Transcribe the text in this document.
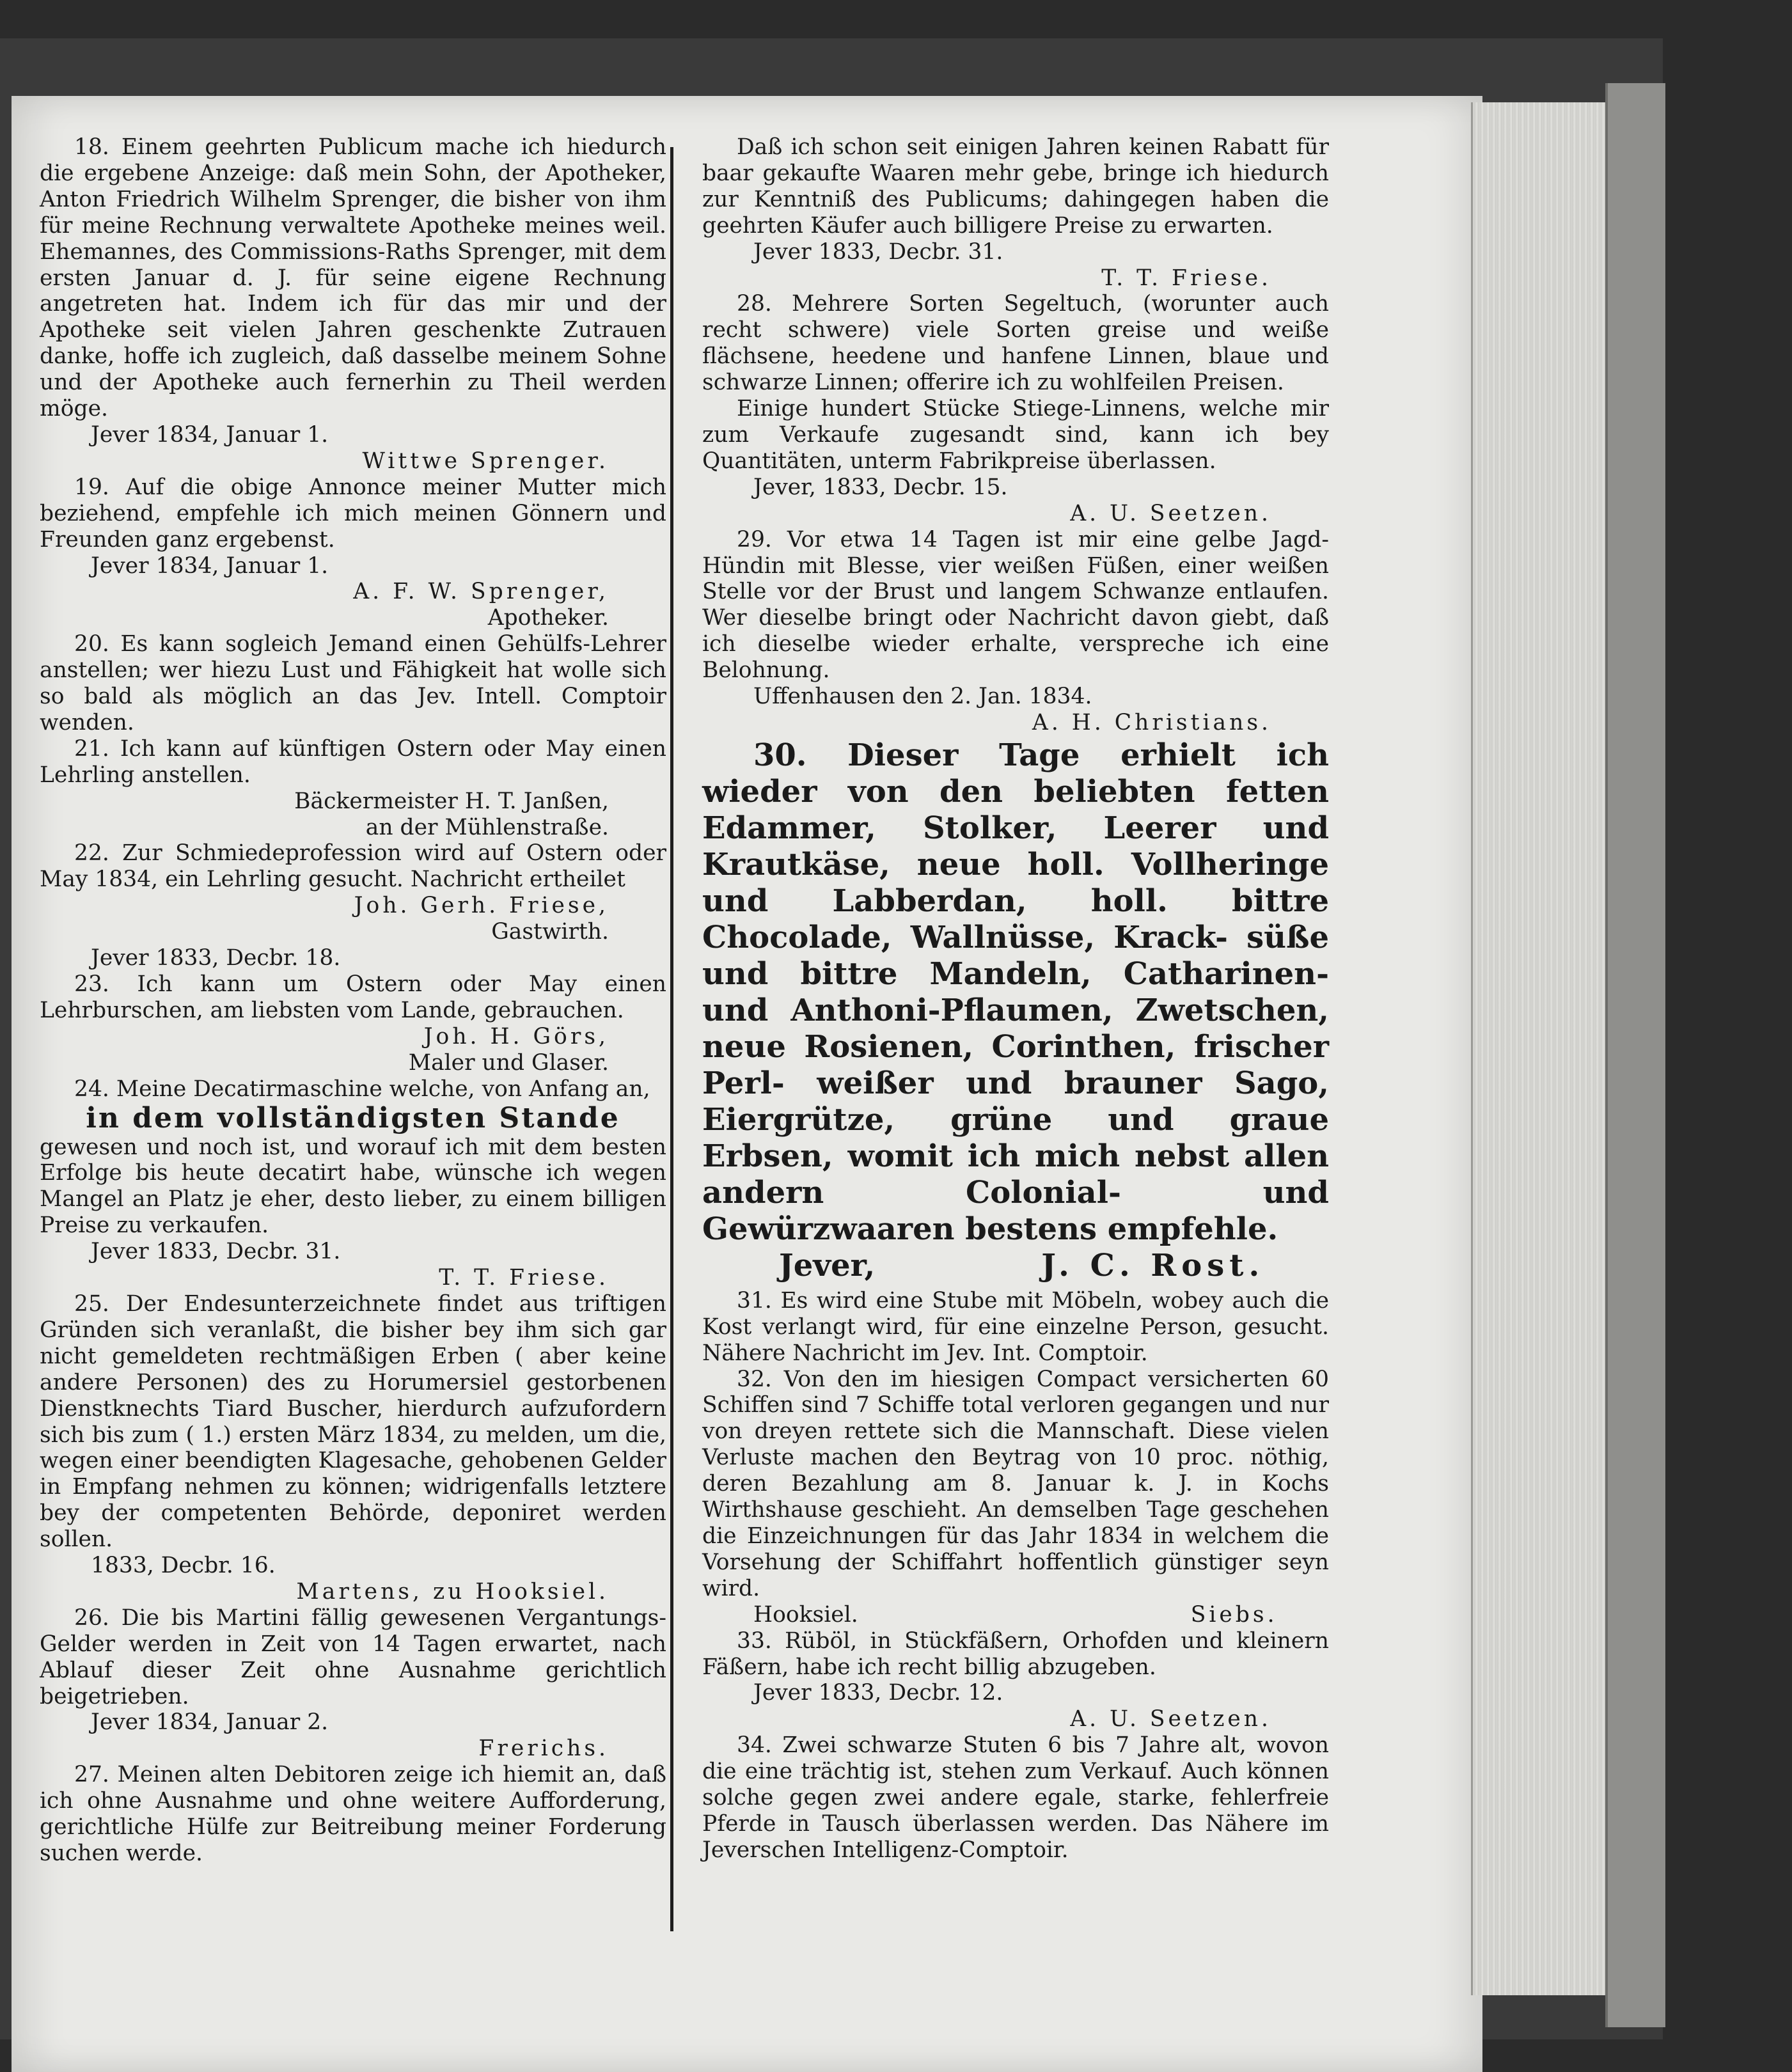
18. Einem geehrten Publicum mache ich hiedurch die ergebene Anzeige: daß mein Sohn, der Apotheker, Anton Friedrich Wilhelm Sprenger, die bisher von ihm für meine Rechnung verwaltete Apotheke meines weil. Ehemannes, des Commissions-Raths Sprenger, mit dem ersten Januar d. J. für seine eigene Rechnung angetreten hat. Indem ich für das mir und der Apotheke seit vielen Jahren geschenkte Zutrauen danke, hoffe ich zugleich, daß dasselbe meinem Sohne und der Apotheke auch fernerhin zu Theil werden möge.

Jever 1834, Januar 1.

Wittwe Sprenger.

19. Auf die obige Annonce meiner Mutter mich beziehend, empfehle ich mich meinen Gönnern und Freunden ganz ergebenst.

Jever 1834, Januar 1.

A. F. W. Sprenger,

Apotheker.

20. Es kann sogleich Jemand einen Gehülfs-Lehrer anstellen; wer hiezu Lust und Fähigkeit hat wolle sich so bald als möglich an das Jev. Intell. Comptoir wenden.

21. Ich kann auf künftigen Ostern oder May einen Lehrling anstellen.

Bäckermeister H. T. Janßen,

an der Mühlenstraße.

22. Zur Schmiedeprofession wird auf Ostern oder May 1834, ein Lehrling gesucht. Nachricht ertheilet

Joh. Gerh. Friese,

Gastwirth.

Jever 1833, Decbr. 18.

23. Ich kann um Ostern oder May einen Lehrburschen, am liebsten vom Lande, gebrauchen.

Joh. H. Görs,

Maler und Glaser.

24. Meine Decatirmaschine welche, von Anfang an,

in dem vollständigsten Stande

gewesen und noch ist, und worauf ich mit dem besten Erfolge bis heute decatirt habe, wünsche ich wegen Mangel an Platz je eher, desto lieber, zu einem billigen Preise zu verkaufen.

Jever 1833, Decbr. 31.

T. T. Friese.

25. Der Endesunterzeichnete findet aus triftigen Gründen sich veranlaßt, die bisher bey ihm sich gar nicht gemeldeten rechtmäßigen Erben ( aber keine andere Personen) des zu Horumersiel gestorbenen Dienstknechts Tiard Buscher, hierdurch aufzufordern sich bis zum ( 1.) ersten März 1834, zu melden, um die, wegen einer beendigten Klagesache, gehobenen Gelder in Empfang nehmen zu können; widrigenfalls letztere bey der competenten Behörde, deponiret werden sollen.

1833, Decbr. 16.

Martens, zu Hooksiel.

26. Die bis Martini fällig gewesenen Vergantungs-Gelder werden in Zeit von 14 Tagen erwartet, nach Ablauf dieser Zeit ohne Ausnahme gerichtlich beigetrieben.

Jever 1834, Januar 2.

Frerichs.

27. Meinen alten Debitoren zeige ich hiemit an, daß ich ohne Ausnahme und ohne weitere Aufforderung, gerichtliche Hülfe zur Beitreibung meiner Forderung suchen werde.

Daß ich schon seit einigen Jahren keinen Rabatt für baar gekaufte Waaren mehr gebe, bringe ich hiedurch zur Kenntniß des Publicums; dahingegen haben die geehrten Käufer auch billigere Preise zu erwarten.

Jever 1833, Decbr. 31.

T. T. Friese.

28. Mehrere Sorten Segeltuch, (worunter auch recht schwere) viele Sorten greise und weiße flächsene, heedene und hanfene Linnen, blaue und schwarze Linnen; offerire ich zu wohlfeilen Preisen.

Einige hundert Stücke Stiege-Linnens, welche mir zum Verkaufe zugesandt sind, kann ich bey Quantitäten, unterm Fabrikpreise überlassen.

Jever, 1833, Decbr. 15.

A. U. Seetzen.

29. Vor etwa 14 Tagen ist mir eine gelbe Jagd-Hündin mit Blesse, vier weißen Füßen, einer weißen Stelle vor der Brust und langem Schwanze entlaufen. Wer dieselbe bringt oder Nachricht davon giebt, daß ich dieselbe wieder erhalte, verspreche ich eine Belohnung.

Uffenhausen den 2. Jan. 1834.

A. H. Christians.

30. Dieser Tage erhielt ich wieder von den beliebten fetten Edammer, Stolker, Leerer und Krautkäse, neue holl. Vollheringe und Labberdan, holl. bittre Chocolade, Wallnüsse, Krack- süße und bittre Mandeln, Catharinen- und Anthoni-Pflaumen, Zwetschen, neue Rosienen, Corinthen, frischer Perl- weißer und brauner Sago, Eiergrütze, grüne und graue Erbsen, womit ich mich nebst allen andern Colonial- und Gewürzwaaren bestens empfehle.

Jever,	J. C. Rost.

31. Es wird eine Stube mit Möbeln, wobey auch die Kost verlangt wird, für eine einzelne Person, gesucht. Nähere Nachricht im Jev. Int. Comptoir.

32. Von den im hiesigen Compact versicherten 60 Schiffen sind 7 Schiffe total verloren gegangen und nur von dreyen rettete sich die Mannschaft. Diese vielen Verluste machen den Beytrag von 10 proc. nöthig, deren Bezahlung am 8. Januar k. J. in Kochs Wirthshause geschieht. An demselben Tage geschehen die Einzeichnungen für das Jahr 1834 in welchem die Vorsehung der Schiffahrt hoffentlich günstiger seyn wird.

Hooksiel.	Siebs.

33. Rüböl, in Stückfäßern, Orhofden und kleinern Fäßern, habe ich recht billig abzugeben.

Jever 1833, Decbr. 12.

A. U. Seetzen.

34. Zwei schwarze Stuten 6 bis 7 Jahre alt, wovon die eine trächtig ist, stehen zum Verkauf. Auch können solche gegen zwei andere egale, starke, fehlerfreie Pferde in Tausch überlassen werden. Das Nähere im Jeverschen Intelligenz-Comptoir.
